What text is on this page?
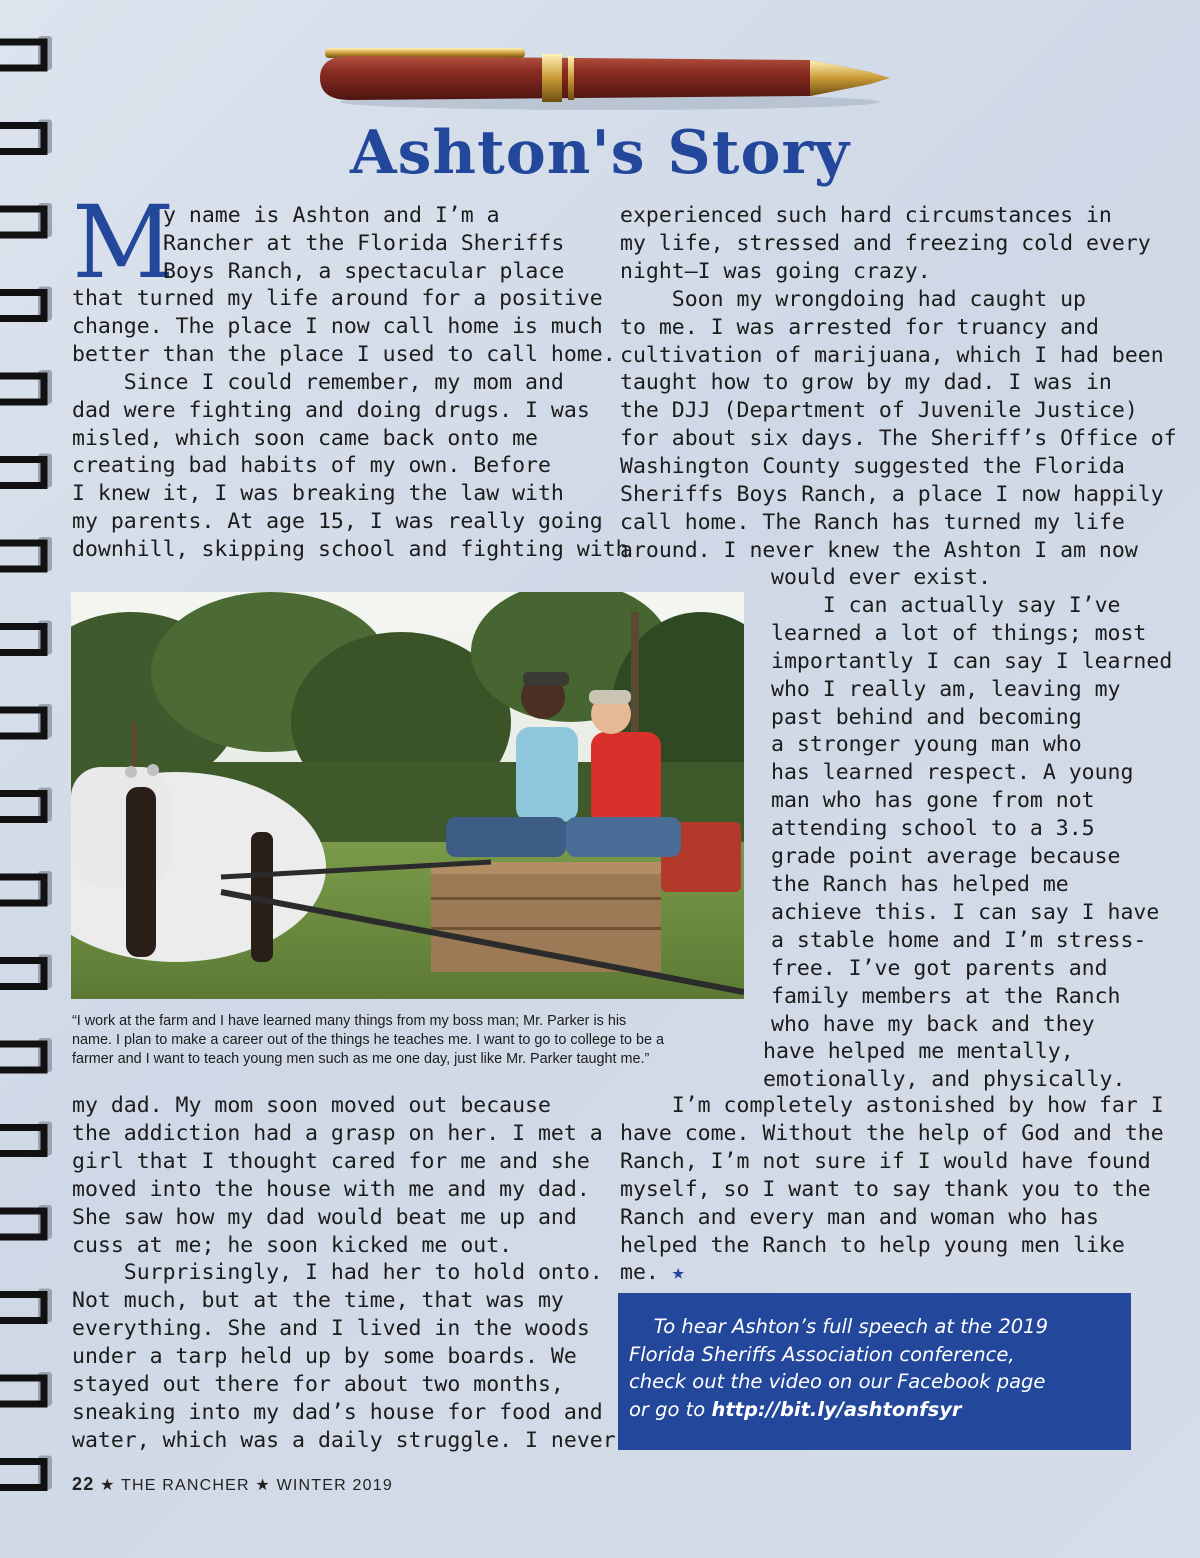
Ashton's Story
M
y name is Ashton and I’m a
Rancher at the Florida Sheriffs
Boys Ranch, a spectacular place
that turned my life around for a positive
change. The place I now call home is much
better than the place I used to call home.
Since I could remember, my mom and
dad were fighting and doing drugs. I was
misled, which soon came back onto me
creating bad habits of my own. Before
I knew it, I was breaking the law with
my parents. At age 15, I was really going
downhill, skipping school and fighting with
experienced such hard circumstances in
my life, stressed and freezing cold every
night—I was going crazy.
Soon my wrongdoing had caught up
to me. I was arrested for truancy and
cultivation of marijuana, which I had been
taught how to grow by my dad. I was in
the DJJ (Department of Juvenile Justice)
for about six days. The Sheriff’s Office of
Washington County suggested the Florida
Sheriffs Boys Ranch, a place I now happily
call home. The Ranch has turned my life
around. I never knew the Ashton I am now
would ever exist.
I can actually say I’ve
learned a lot of things; most
importantly I can say I learned
who I really am, leaving my
past behind and becoming
a stronger young man who
has learned respect. A young
man who has gone from not
attending school to a 3.5
grade point average because
the Ranch has helped me
achieve this. I can say I have
a stable home and I’m stress-
free. I’ve got parents and
family members at the Ranch
who have my back and they
have helped me mentally,
emotionally, and physically.
“I work at the farm and I have learned many things from my boss man; Mr. Parker is his
name. I plan to make a career out of the things he teaches me. I want to go to college to be a
farmer and I want to teach young men such as me one day, just like Mr. Parker taught me.”
my dad. My mom soon moved out because
the addiction had a grasp on her. I met a
girl that I thought cared for me and she
moved into the house with me and my dad.
She saw how my dad would beat me up and
cuss at me; he soon kicked me out.
Surprisingly, I had her to hold onto.
Not much, but at the time, that was my
everything. She and I lived in the woods
under a tarp held up by some boards. We
stayed out there for about two months,
sneaking into my dad’s house for food and
water, which was a daily struggle. I never
I’m completely astonished by how far I
have come. Without the help of God and the
Ranch, I’m not sure if I would have found
myself, so I want to say thank you to the
Ranch and every man and woman who has
helped the Ranch to help young men like
me. ★

To hear Ashton’s full speech at the 2019
Florida Sheriffs Association conference,
check out the video on our Facebook page
or go to http://bit.ly/ashtonfsyr

22 ★ THE RANCHER ★ WINTER 2019
